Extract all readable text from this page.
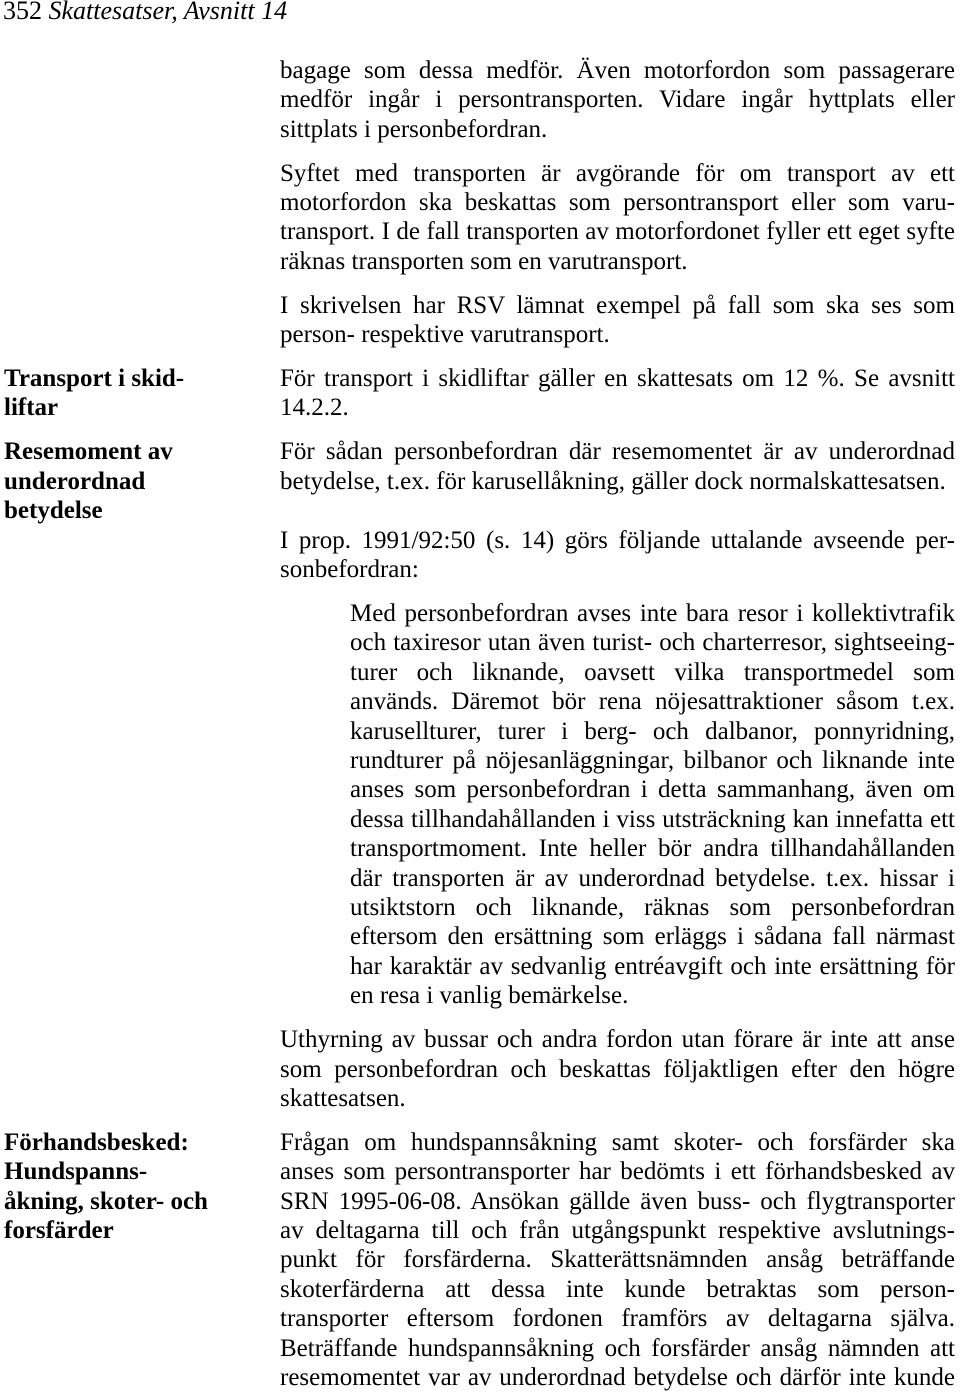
352 Skattesatser, Avsnitt 14
Transport i skid-
liftar
Resemoment av
underordnad
betydelse
Förhandsbesked:
Hundspanns-
åkning, skoter- och
forsfärder
bagage som dessa medför. Även motorfordon som passagerare
medför ingår i persontransporten. Vidare ingår hyttplats eller
sittplats i personbefordran.
Syftet med transporten är avgörande för om transport av ett
motorfordon ska beskattas som persontransport eller som varu-
transport. I de fall transporten av motorfordonet fyller ett eget syfte
räknas transporten som en varutransport.
I skrivelsen har RSV lämnat exempel på fall som ska ses som
person- respektive varutransport.
För transport i skidliftar gäller en skattesats om 12 %. Se avsnitt
14.2.2.
För sådan personbefordran där resemomentet är av underordnad
betydelse, t.ex. för karusellåkning, gäller dock normalskattesatsen.
I prop. 1991/92:50 (s. 14) görs följande uttalande avseende per-
sonbefordran:
Med personbefordran avses inte bara resor i kollektivtrafik
och taxiresor utan även turist- och charterresor, sightseeing-
turer och liknande, oavsett vilka transportmedel som
används. Däremot bör rena nöjesattraktioner såsom t.ex.
karusellturer, turer i berg- och dalbanor, ponnyridning,
rundturer på nöjesanläggningar, bilbanor och liknande inte
anses som personbefordran i detta sammanhang, även om
dessa tillhandahållanden i viss utsträckning kan innefatta ett
transportmoment. Inte heller bör andra tillhandahållanden
där transporten är av underordnad betydelse. t.ex. hissar i
utsiktstorn och liknande, räknas som personbefordran
eftersom den ersättning som erläggs i sådana fall närmast
har karaktär av sedvanlig entréavgift och inte ersättning för
en resa i vanlig bemärkelse.
Uthyrning av bussar och andra fordon utan förare är inte att anse
som personbefordran och beskattas följaktligen efter den högre
skattesatsen.
Frågan om hundspannsåkning samt skoter- och forsfärder ska
anses som persontransporter har bedömts i ett förhandsbesked av
SRN 1995-06-08. Ansökan gällde även buss- och flygtransporter
av deltagarna till och från utgångspunkt respektive avslutnings-
punkt för forsfärderna. Skatterättsnämnden ansåg beträffande
skoterfärderna att dessa inte kunde betraktas som person-
transporter eftersom fordonen framförs av deltagarna själva.
Beträffande hundspannsåkning och forsfärder ansåg nämnden att
resemomentet var av underordnad betydelse och därför inte kunde
